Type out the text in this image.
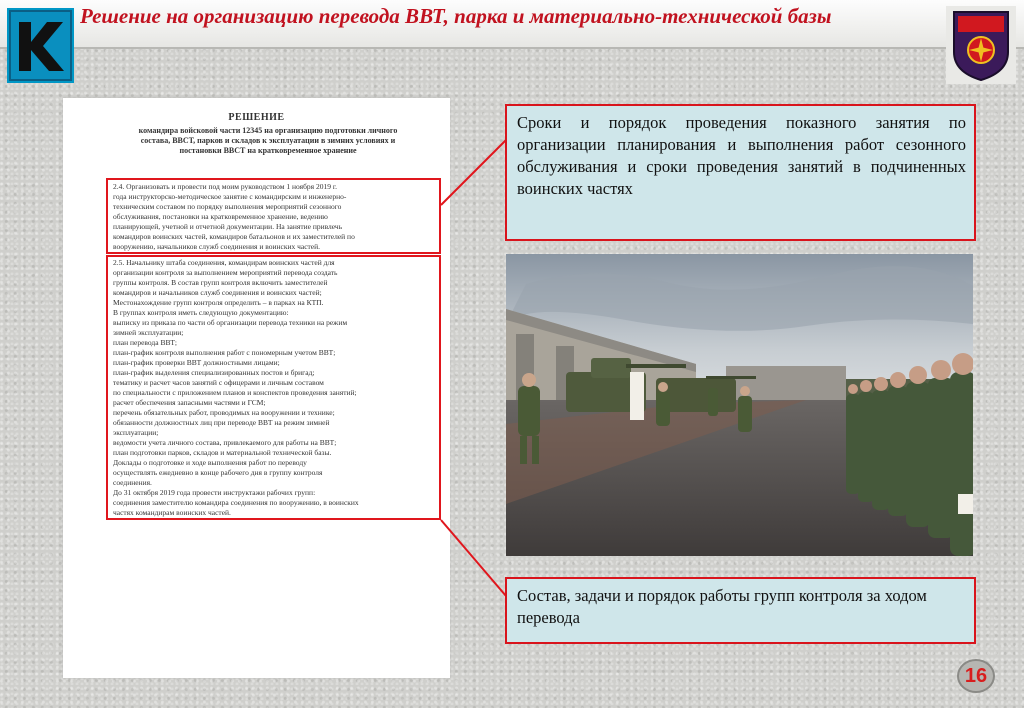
Решение на организацию перевода ВВТ, парка и материально-технической базы
РЕШЕНИЕ
командира войсковой части 12345 на организацию подготовки личного
состава, ВВСТ, парков и складов к эксплуатации в зимних условиях и
постановки ВВСТ на кратковременное хранение
2.4. Организовать и провести под моим руководством 1 ноября 2019 г.
года инструкторско-методическое занятие с командирским и инженерно-
техническим составом по порядку выполнения мероприятий сезонного
обслуживания, постановки на кратковременное хранение, ведению
планирующей, учетной и отчетной документации. На занятие привлечь
командиров воинских частей, командиров батальонов и их заместителей по
вооружению, начальников служб соединения и воинских частей.
2.5. Начальнику штаба соединения, командирам воинских частей для
организации контроля за выполнением мероприятий перевода создать
группы контроля. В состав групп контроля включить заместителей
командиров и начальников служб соединения и воинских частей;
Местонахождение групп контроля определить – в парках на КТП.
В группах контроля иметь следующую документацию:
выписку из приказа по части об организации перевода техники на режим
зимней эксплуатации;
план перевода ВВТ;
план-график контроля выполнения работ с пономерным учетом ВВТ;
план-график проверки ВВТ должностными лицами;
план-график выделения специализированных постов и бригад;
тематику и расчет часов занятий с офицерами и личным составом
по специальности с приложением планов и конспектов проведения занятий;
расчет обеспечения запасными частями и ГСМ;
перечень обязательных работ, проводимых на вооружении и технике;
обязанности должностных лиц при переводе ВВТ на режим зимней
эксплуатации;
ведомости учета личного состава, привлекаемого для работы на ВВТ;
план подготовки парков, складов и материальной технической базы.
Доклады о подготовке и ходе выполнения работ по переводу
осуществлять ежедневно в конце рабочего дня в группу контроля
соединения.
До 31 октября 2019 года провести инструктажи рабочих групп:
соединения заместителю командира соединения по вооружению, в воинских
частях командирам воинских частей.
Сроки и порядок проведения показного занятия по организации планирования и выполнения работ сезонного обслуживания и сроки проведения занятий в подчиненных воинских частях
Состав, задачи и порядок работы групп контроля за ходом перевода
16
